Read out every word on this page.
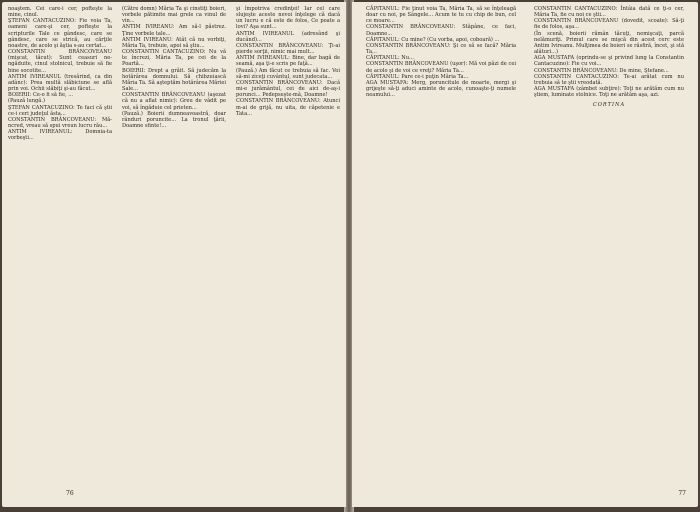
noaştem. Cei care-i cer, pofteşte la mine, cinul.
ŞTEFAN CANTACUZINO: Fie voia Ta, oameni care-şi cer, pofteşte la scripturile Tale ce gândesc, care se gândesc, care se strică, au cărţile noastre, de acolo şi ăştia s-au certat...
CONSTANTIN BRÂNCOVEANU (mişcat, tăcut): Sunt ceasuri ne-ngăduite, cinul stolnicul, trebuie să fie bine socotite...
ANTIM IVIREANUL (tresărind, ca din adânc): Prea multă slăbiciune se află prin voi. Ochii slăbiţi şi-au făcut...
BOIERII: Ce-o fi să fie, ...
(Pauză lungă.)
ŞTEFAN CANTACUZINO: Te faci că ştii ce-i ceri judeţul ăsta...
CONSTANTIN BRÂNCOVEANU: Mă-ncred, vreau să spui vreun lucru rău...
ANTIM IVIREANUL: Domnia-ta vorbeşti...

(Către domn) Măria Ta şi cinstiţi boieri, vorbele pătimite mai grele ca vinul de vin...
ANTIM IVIREANU: Am să-l păstrez. Ţine vorbele tale...
ANTIM IVIREANU: Atât că nu vorbiţi, Măria Ta, trebuie, apoi să ştiu...
CONSTANTIN CANTACUZINO: Nu vă te încrezi, Măria Ta, pe cei de la Poartă...
BOIERII: Drept a grăit. Să judecăm la hotărârea domnului. Să chibzuiască Măria Ta. Să aşteptăm hotărârea Măriei Sale...
CONSTANTIN BRÂNCOVEANU (aşezat că nu a aflat nimic): Greu de vădit pe voi, să îngăduie cel prieten...
(Pauză.) Boierii dumneavoastră, doar rânduri poruncite... La tronul ţării, Doamne sfinte!...

şi împotriva credinţei! Iar cel care slujeşte aceste nevoi înţelege că dacă un lucru e că este de folos, Ce poate a lovi? Aşa sunt...
ANTIM IVIREANUL (adresând şi ducând)...
CONSTANTIN BRÂNCOVEANU: Ţi-ai pierde sorţii, nimic mai mult...
ANTIM IVIREANUL: Bine, dar bagă de seamă, aşa ţi-e scris pe faţă...
(Pauză.) Am făcut ce trebuia să fac. Voi să-mi ziceţi cuvântul, sunt judecata...
CONSTANTIN BRÂNCOVEANU: Dacă mi-e jurământul, cei de aici de-aş-i porunci... Pedepsește-mă, Doamne!
CONSTANTIN BRÂNCOVEANU: Atunci m-ai de grijă, nu uita, de căpetenie e Tata...

76

CĂPITANUL: Fie ţinut voia Ta, Măria Ta, să se înţeleagă doar cu noi, pe Sângele... Acum te tu cu chip de bun, cel ce moare...
CONSTANTIN BRÂNCOVEANU: Stăpâne, ce faci, Doamne...
CĂPITANUL: Cu mine? (Cu vorba, apoi, coboară) ...
CONSTANTIN BRÂNCOVEANU: Şi ce să se facă? Măria Ta...
CĂPITANUL: Nu...
CONSTANTIN BRÂNCOVEANU (uşor): Mă voi păzi de cei de acolo şi de voi ce vreţi? Măria Ta...
CĂPITANUL: Pare ce-i puţin Măria Ta...
AGA MUSTAFA: Merg, poruncitule de moarte, mergi şi grijeşte să-ţi aduci aminte de acolo, cunoaşte-ţi numele neamului...

CONSTANTIN CANTACUZINO: Întâia dată ce ţi-o cer, Măria Ta, fie cu noi ce ştii...
CONSTANTIN BRÂNCOVEANU (dovedit, scoate): Să-ţi fie de folos, aşa...
(În scenă, boierii rămân tăcuţi, nemişcaţi, parcă nelămuriţi. Primul care se mişcă din acest cerc este Antim Ivireanu. Mulţimea de boieri se răsfiră, încet, şi stă alături...)
AGA MUSTAFA (oprindu-se şi privind lung la Constantin Cantacuzino): Fie cu voi...
CONSTANTIN BRÂNCOVEANU: De mine, Ştefane...
CONSTANTIN CANTACUZINO: Te-ai arătat cum nu trebuia să te ştii vreodată.
AGA MUSTAFA (zâmbet subţire): Toţi ne arătăm cum nu ştiem, luminate stolnice. Toţi ne arătăm aşa, azi.

CORTINA

77
